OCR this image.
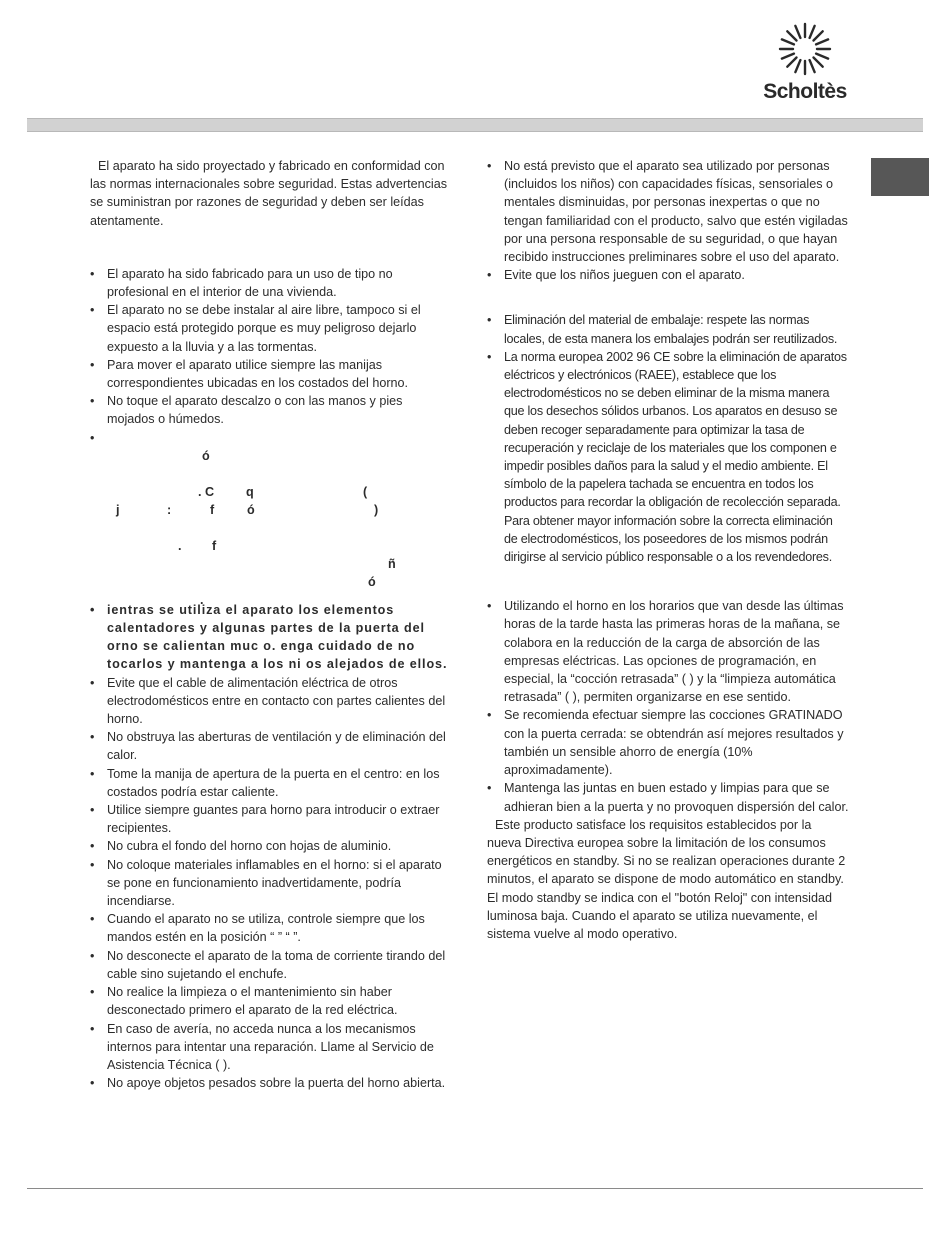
Scholtès

El aparato ha sido proyectado y fabricado en conformidad con las normas internacionales sobre seguridad. Estas advertencias se suministran por razones de seguridad y deben ser leídas atentamente.

• El aparato ha sido fabricado para un uso de tipo no profesional en el interior de una vivienda.
• El aparato no se debe instalar al aire libre, tampoco si el espacio está protegido porque es muy peligroso dejarlo expuesto a la lluvia y a las tormentas.
• Para mover el aparato utilice siempre las manijas correspondientes ubicadas en los costados del horno.
• No toque el aparato descalzo o con las manos y pies mojados o húmedos.
•
ó
. C	q	(
j	:	f	ó	)
. f
ñ
ó
.
• ientras se utiliza el aparato los elementos calentadores y algunas partes de la puerta del orno se calientan muc o. enga cuidado de no tocarlos y mantenga a los ni os alejados de ellos.
• Evite que el cable de alimentación eléctrica de otros electrodomésticos entre en contacto con partes calientes del horno.
• No obstruya las aberturas de ventilación y de eliminación del calor.
• Tome la manija de apertura de la puerta en el centro: en los costados podría estar caliente.
• Utilice siempre guantes para horno para introducir o extraer recipientes.
• No cubra el fondo del horno con hojas de aluminio.
• No coloque materiales inflamables en el horno: si el aparato se pone en funcionamiento inadvertidamente, podría incendiarse.
• Cuando el aparato no se utiliza, controle siempre que los mandos estén en la posición “ ” “ ”.
• No desconecte el aparato de la toma de corriente tirando del cable sino sujetando el enchufe.
• No realice la limpieza o el mantenimiento sin haber desconectado primero el aparato de la red eléctrica.
• En caso de avería, no acceda nunca a los mecanismos internos para intentar una reparación. Llame al Servicio de Asistencia Técnica ( ).
• No apoye objetos pesados sobre la puerta del horno abierta.
• No está previsto que el aparato sea utilizado por personas (incluidos los niños) con capacidades físicas, sensoriales o mentales disminuidas, por personas inexpertas o que no tengan familiaridad con el producto, salvo que estén vigiladas por una persona responsable de su seguridad, o que hayan recibido instrucciones preliminares sobre el uso del aparato.
• Evite que los niños jueguen con el aparato.
• Eliminación del material de embalaje: respete las normas locales, de esta manera los embalajes podrán ser reutilizados.
• La norma europea 2002 96 CE sobre la eliminación de aparatos eléctricos y electrónicos (RAEE), establece que los electrodomésticos no se deben eliminar de la misma manera que los desechos sólidos urbanos. Los aparatos en desuso se deben recoger separadamente para optimizar la tasa de recuperación y reciclaje de los materiales que los componen e impedir posibles daños para la salud y el medio ambiente. El símbolo de la papelera tachada se encuentra en todos los productos para recordar la obligación de recolección separada. Para obtener mayor información sobre la correcta eliminación de electrodomésticos, los poseedores de los mismos podrán dirigirse al servicio público responsable o a los revendedores.
• Utilizando el horno en los horarios que van desde las últimas horas de la tarde hasta las primeras horas de la mañana, se colabora en la reducción de la carga de absorción de las empresas eléctricas. Las opciones de programación, en especial, la “cocción retrasada” ( ) y la “limpieza automática retrasada” ( ), permiten organizarse en ese sentido.
• Se recomienda efectuar siempre las cocciones GRATINADO con la puerta cerrada: se obtendrán así mejores resultados y también un sensible ahorro de energía (10% aproximadamente).
• Mantenga las juntas en buen estado y limpias para que se adhieran bien a la puerta y no provoquen dispersión del calor.

Este producto satisface los requisitos establecidos por la nueva Directiva europea sobre la limitación de los consumos energéticos en standby. Si no se realizan operaciones durante 2 minutos, el aparato se dispone de modo automático en standby. El modo standby se indica con el "botón Reloj" con intensidad luminosa baja. Cuando el aparato se utiliza nuevamente, el sistema vuelve al modo operativo.
